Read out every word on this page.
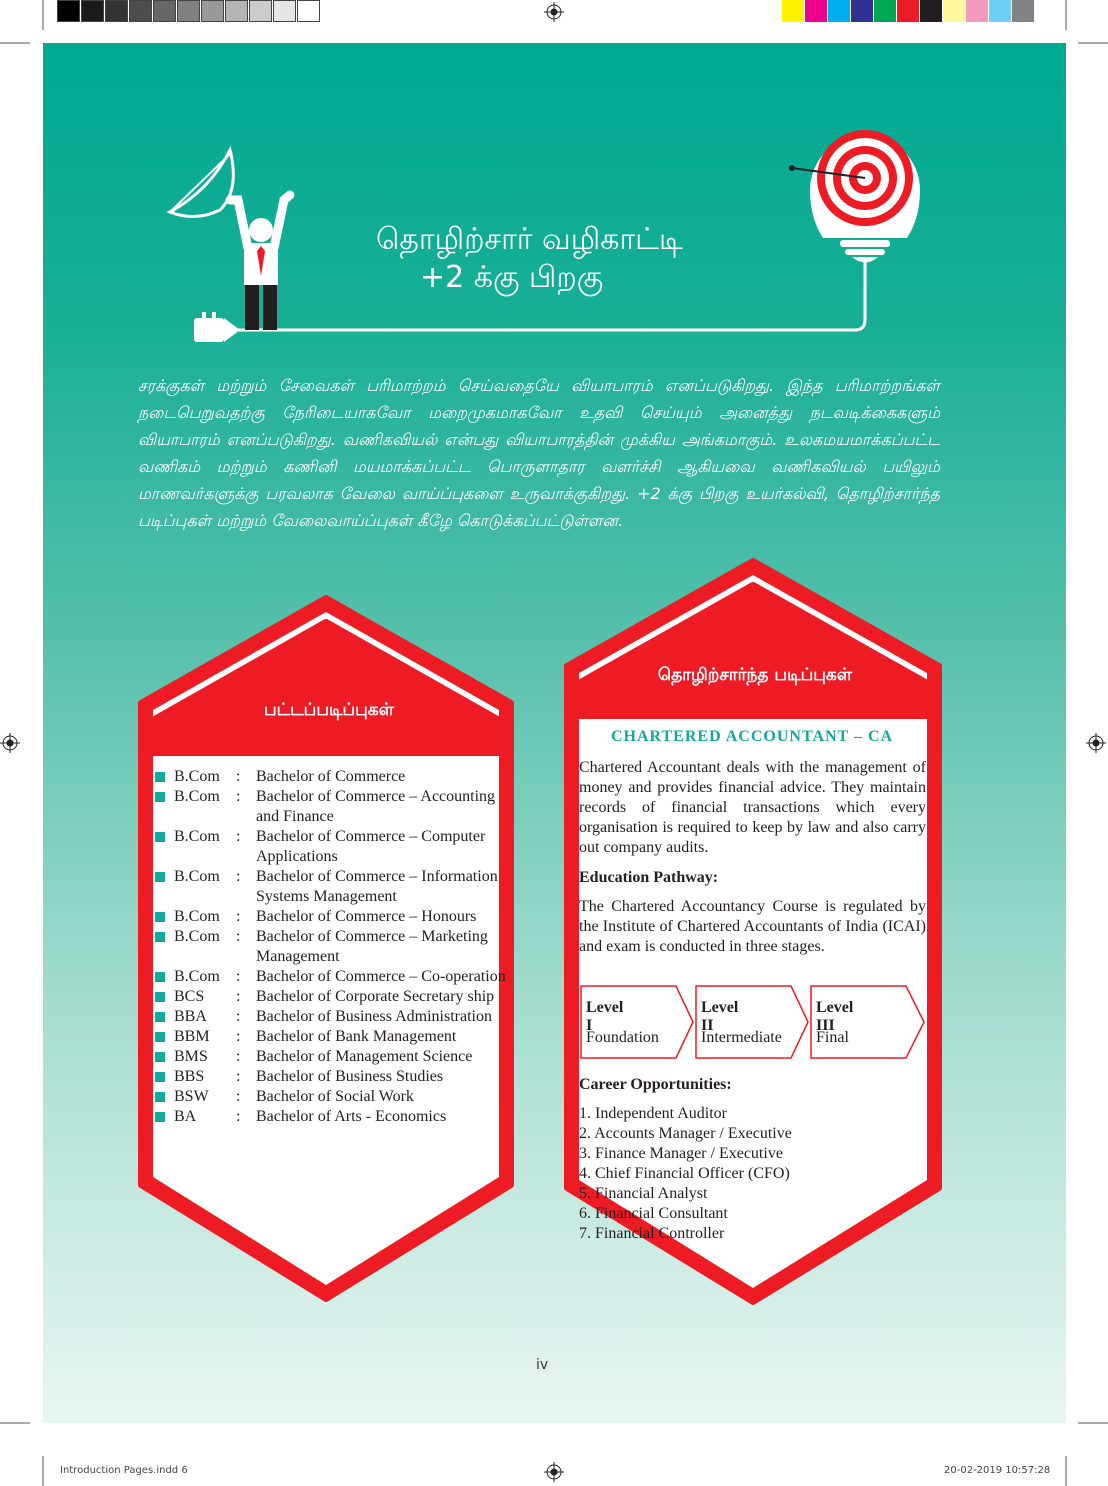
தொழிற்சார் வழிகாட்டி
+2 க்கு பிறகு
சரக்குகள் மற்றும் சேவைகள் பரிமாற்றம் செய்வதையே வியாபாரம் எனப்படுகிறது. இந்த பரிமாற்றங்கள் நடைபெறுவதற்கு நேரிடையாகவோ மறைமுகமாகவோ உதவி செய்யும் அனைத்து நடவடிக்கைகளும் வியாபாரம் எனப்படுகிறது. வணிகவியல் என்பது வியாபாரத்தின் முக்கிய அங்கமாகும். உலகமயமாக்கப்பட்ட வணிகம் மற்றும் கணினி மயமாக்கப்பட்ட பொருளாதார வளர்ச்சி ஆகியவை வணிகவியல் பயிலும் மாணவர்களுக்கு பரவலாக வேலை வாய்ப்புகளை உருவாக்குகிறது. +2 க்கு பிறகு உயர்கல்வி, தொழிற்சார்ந்த படிப்புகள் மற்றும் வேலைவாய்ப்புகள் கீழே கொடுக்கப்பட்டுள்ளன.
பட்டப்படிப்புகள்
B.Com	: Bachelor of Commerce
B.Com	: Bachelor of Commerce – Accounting and Finance
B.Com	: Bachelor of Commerce – Computer Applications
B.Com	: Bachelor of Commerce – Information Systems Management
B.Com	: Bachelor of Commerce – Honours
B.Com	: Bachelor of Commerce – Marketing Management
B.Com	: Bachelor of Commerce – Co-operation
BCS	: Bachelor of Corporate Secretary ship
BBA	: Bachelor of Business Administration
BBM	: Bachelor of Bank Management
BMS	: Bachelor of Management Science
BBS	: Bachelor of Business Studies
BSW	: Bachelor of Social Work
BA	: Bachelor of Arts - Economics
தொழிற்சார்ந்த படிப்புகள்
CHARTERED ACCOUNTANT – CA
Chartered Accountant deals with the management of money and provides financial advice. They maintain records of financial transactions which every organisation is required to keep by law and also carry out company audits.
Education Pathway:
The Chartered Accountancy Course is regulated by the Institute of Chartered Accountants of India (ICAI) and exam is conducted in three stages.
Level I
Foundation
Level II
Intermediate
Level III
Final
Career Opportunities:
1. Independent Auditor
2. Accounts Manager / Executive
3. Finance Manager / Executive
4. Chief Financial Officer (CFO)
5. Financial Analyst
6. Financial Consultant
7. Financial Controller
iv
Introduction Pages.indd 6	20-02-2019 10:57:28
